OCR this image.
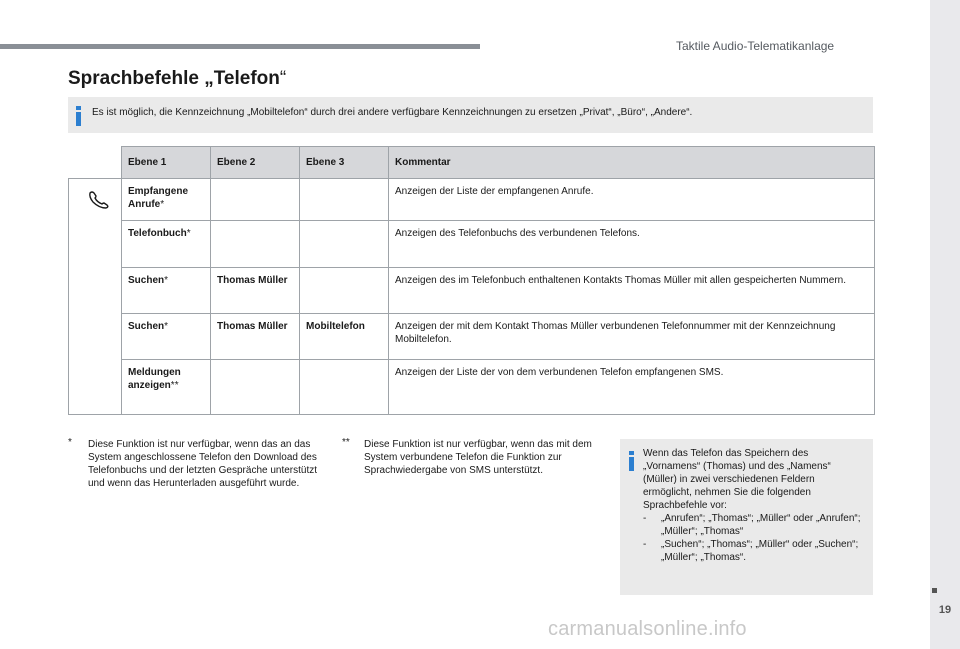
Taktile Audio-Telematikanlage
19
Sprachbefehle „Telefon“
Es ist möglich, die Kennzeichnung „Mobiltelefon“ durch drei andere verfügbare Kennzeichnungen zu ersetzen „Privat“, „Büro“, „Andere“.
	Ebene 1	Ebene 2	Ebene 3	Kommentar

	Empfangene Anrufe*			Anzeigen der Liste der empfangenen Anrufe.
	Telefonbuch*			Anzeigen des Telefonbuchs des verbundenen Telefons.
	Suchen*	Thomas Müller		Anzeigen des im Telefonbuch enthaltenen Kontakts Thomas Müller mit allen gespeicherten Nummern.
	Suchen*	Thomas Müller	Mobiltelefon	Anzeigen der mit dem Kontakt Thomas Müller verbundenen Telefonnummer mit der Kennzeichnung Mobiltelefon.
	Meldungen anzeigen**			Anzeigen der Liste der von dem verbundenen Telefon empfangenen SMS.
* Diese Funktion ist nur verfügbar, wenn das an das System angeschlossene Telefon den Download des Telefonbuchs und der letzten Gespräche unterstützt und wenn das Herunterladen ausgeführt wurde.
** Diese Funktion ist nur verfügbar, wenn das mit dem System verbundene Telefon die Funktion zur Sprachwiedergabe von SMS unterstützt.

Wenn das Telefon das Speichern des „Vornamens“ (Thomas) und des „Namens“ (Müller) in zwei verschiedenen Feldern ermöglicht, nehmen Sie die folgenden Sprachbefehle vor:

- „Anrufen“; „Thomas“; „Müller“ oder „Anrufen“; „Müller“; „Thomas“
- „Suchen“; „Thomas“; „Müller“ oder „Suchen“; „Müller“; „Thomas“.
carmanualsonline.info
